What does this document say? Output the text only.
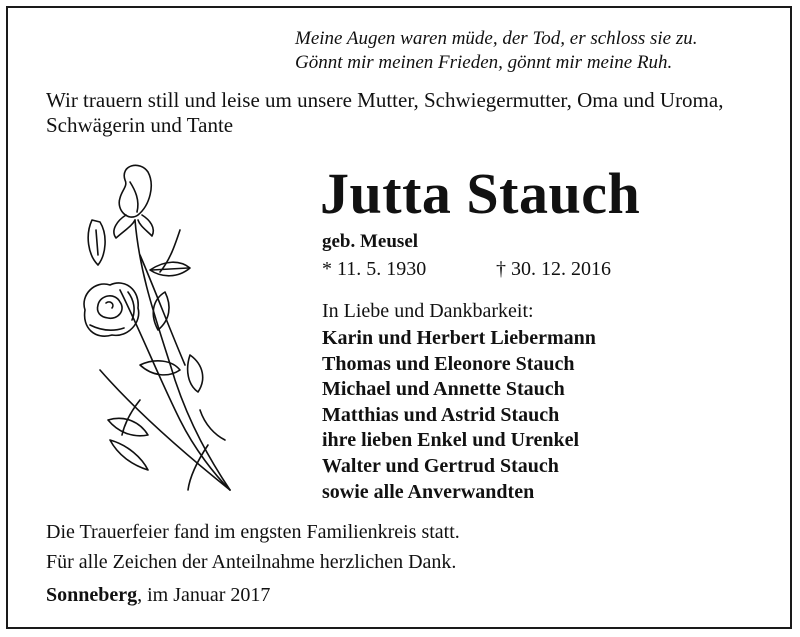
Meine Augen waren müde, der Tod, er schloss sie zu.
Gönnt mir meinen Frieden, gönnt mir meine Ruh.
Wir trauern still und leise um unsere Mutter, Schwiegermutter, Oma und Uroma, Schwägerin und Tante
Jutta Stauch
geb. Meusel
* 11. 5. 1930	† 30. 12. 2016
In Liebe und Dankbarkeit:
Karin und Herbert Liebermann
Thomas und Eleonore Stauch
Michael und Annette Stauch
Matthias und Astrid Stauch
ihre lieben Enkel und Urenkel
Walter und Gertrud Stauch
sowie alle Anverwandten
Die Trauerfeier fand im engsten Familienkreis statt.
Für alle Zeichen der Anteilnahme herzlichen Dank.
Sonneberg, im Januar 2017
